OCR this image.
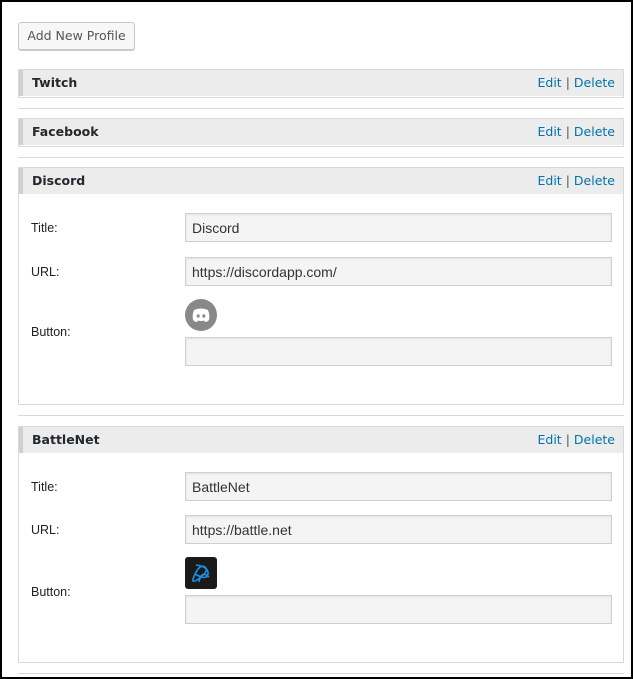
Add New Profile
Twitch	Edit | Delete
Facebook	Edit | Delete
Discord	Edit | Delete
Title:
Discord
URL:
https://discordapp.com/
Button:
BattleNet	Edit | Delete
Title:
BattleNet
URL:
https://battle.net
Button:
